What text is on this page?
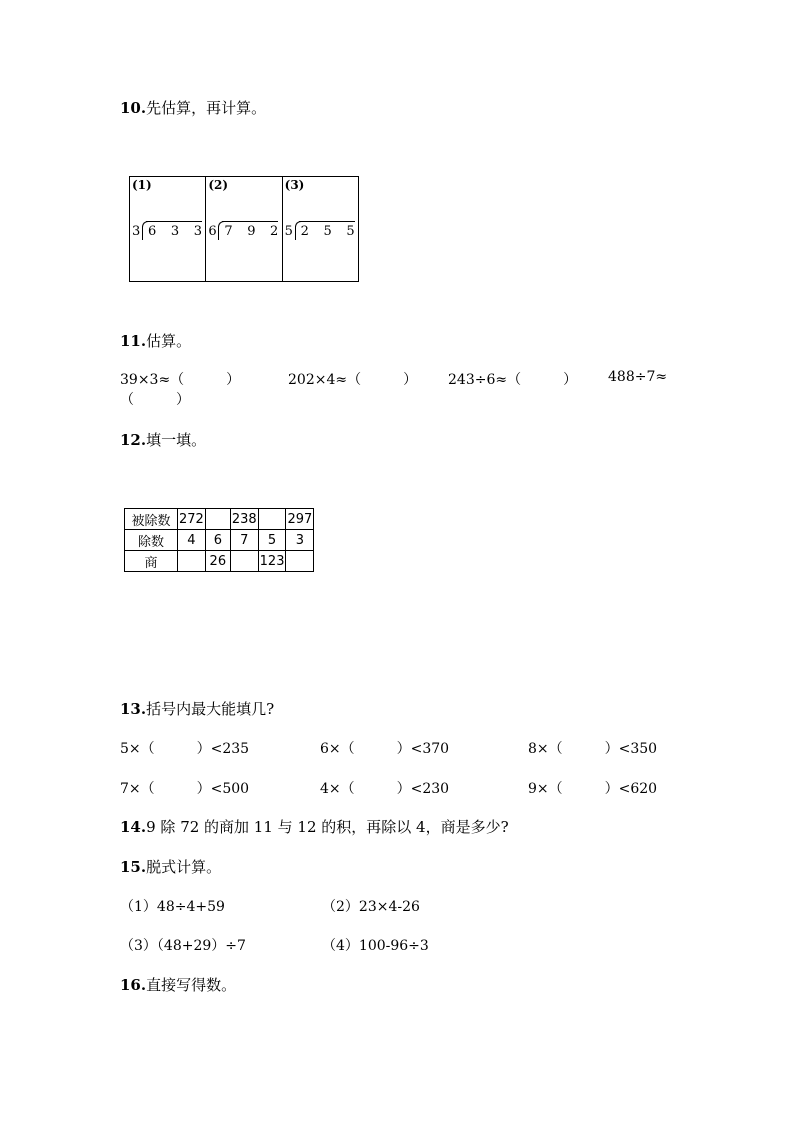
10.先估算，再计算。
(1)
3 6 3 3
(2)
6 7 9 2
(3)
5 2 5 5
11.估算。
39×3≈（　　　）	202×4≈（　　　） 243÷6≈（　　　） 488÷7≈
（　　　）
12.填一填。
被除数	272		238		297
除数	4	6	7	5	3
商		26		123	
13.括号内最大能填几?
5×（　　　）<235	6×（　　　）<370	8×（　　　）<350
7×（　　　）<500	4×（　　　）<230	9×（　　　）<620
14.9 除 72 的商加 11 与 12 的积，再除以 4，商是多少?
15.脱式计算。
（1）48÷4+59	（2）23×4-26
（3）（48+29）÷7	（4）100-96÷3
16.直接写得数。
